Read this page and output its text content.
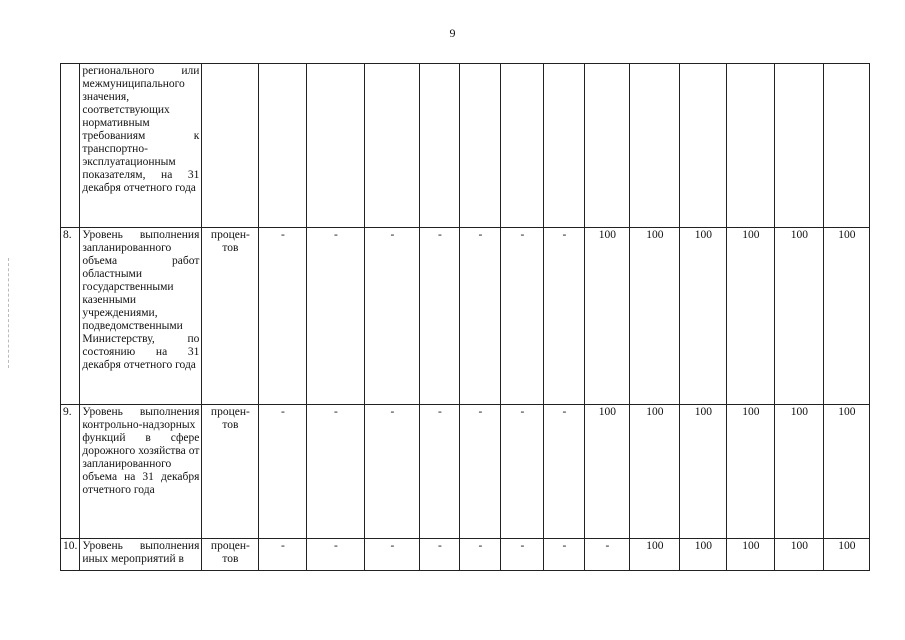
9
	регионального или межмуниципального значения, соответствующих нормативным требованиям к транспортно-эксплуатационным показателям, на 31 декабря отчетного года														
8.	Уровень выполнения запланированного объема работ областными государственными казенными учреждениями, подведомственными Министерству, по состоянию на 31 декабря отчетного года	процен-тов	-	-	-	-	-	-	-	100	100	100	100	100	100
9.	Уровень выполнения контрольно-надзорных функций в сфере дорожного хозяйства от запланированного объема на 31 декабря отчетного года	процен-тов	-	-	-	-	-	-	-	100	100	100	100	100	100
10.	Уровень выполнения иных мероприятий в	процен-тов	-	-	-	-	-	-	-	-	100	100	100	100	100
